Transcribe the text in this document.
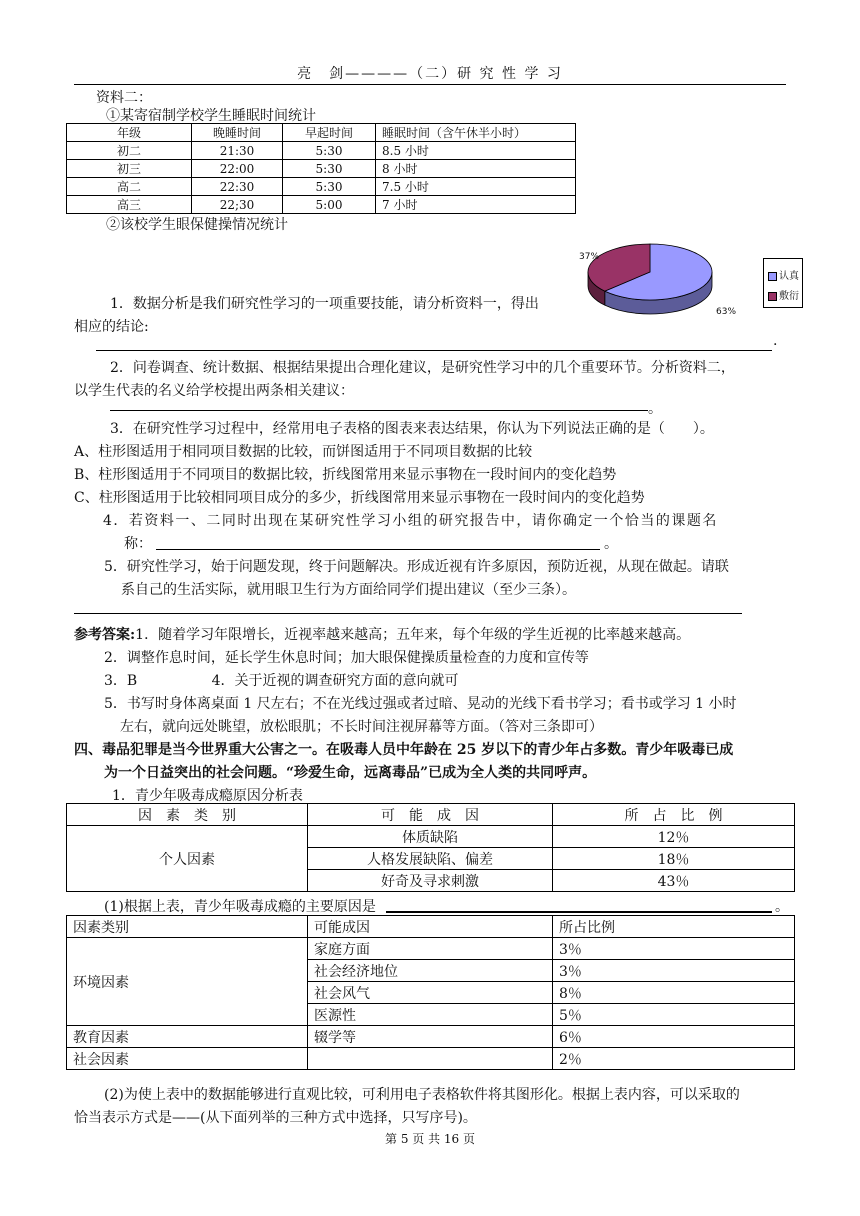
亮　剑————（二）研 究 性 学 习
资料二：
①某寄宿制学校学生睡眠时间统计
年级	晚睡时间	早起时间	睡眠时间（含午休半小时）
初二	21:30	5:30	8.5 小时
初三	22:00	5:30	8 小时
高二	22:30	5:30	7.5 小时
高三	22;30	5:00	7 小时
②该校学生眼保健操情况统计
37%
63%
认真
敷衍
1．数据分析是我们研究性学习的一项重要技能，请分析资料一，得出
相应的结论:
.
2．问卷调查、统计数据、根据结果提出合理化建议，是研究性学习中的几个重要环节。分析资料二，
以学生代表的名义给学校提出两条相关建议：
。
3．在研究性学习过程中，经常用电子表格的图表来表达结果，你认为下列说法正确的是（　　）。
A、柱形图适用于相同项目数据的比较，而饼图适用于不同项目数据的比较
B、柱形图适用于不同项目的数据比较，折线图常用来显示事物在一段时间内的变化趋势
C、柱形图适用于比较相同项目成分的多少，折线图常用来显示事物在一段时间内的变化趋势
4．若资料一、二同时出现在某研究性学习小组的研究报告中，请你确定一个恰当的课题名
称：	。
5．研究性学习，始于问题发现，终于问题解决。形成近视有许多原因，预防近视，从现在做起。请联
系自己的生活实际，就用眼卫生行为方面给同学们提出建议（至少三条）。
参考答案:1．随着学习年限增长，近视率越来越高；五年来，每个年级的学生近视的比率越来越高。
2．调整作息时间，延长学生休息时间；加大眼保健操质量检查的力度和宣传等
3．B　　　　　 4．关于近视的调查研究方面的意向就可
5．书写时身体离桌面 1 尺左右；不在光线过强或者过暗、晃动的光线下看书学习；看书或学习 1 小时
左右，就向远处眺望，放松眼肌；不长时间注视屏幕等方面。（答对三条即可）
四、毒品犯罪是当今世界重大公害之一。在吸毒人员中年龄在 25 岁以下的青少年占多数。青少年吸毒已成
为一个日益突出的社会问题。“珍爱生命，远离毒品”已成为全人类的共同呼声。
1．青少年吸毒成瘾原因分析表
因　素　类　别	可　能　成　因	所　占　比　例
个人因素	体质缺陷	12％
	人格发展缺陷、偏差	18％
	好奇及寻求刺激	43％
(1)根据上表，青少年吸毒成瘾的主要原因是	。
因素类别	可能成因	所占比例
环境因素	家庭方面	3％
	社会经济地位	3％
	社会风气	8％
	医源性	5％
教育因素	辍学等	6％
社会因素		2％
(2)为使上表中的数据能够进行直观比较，可利用电子表格软件将其图形化。根据上表内容，可以采取的
恰当表示方式是——(从下面列举的三种方式中选择，只写序号)。
第 5 页 共 16 页
